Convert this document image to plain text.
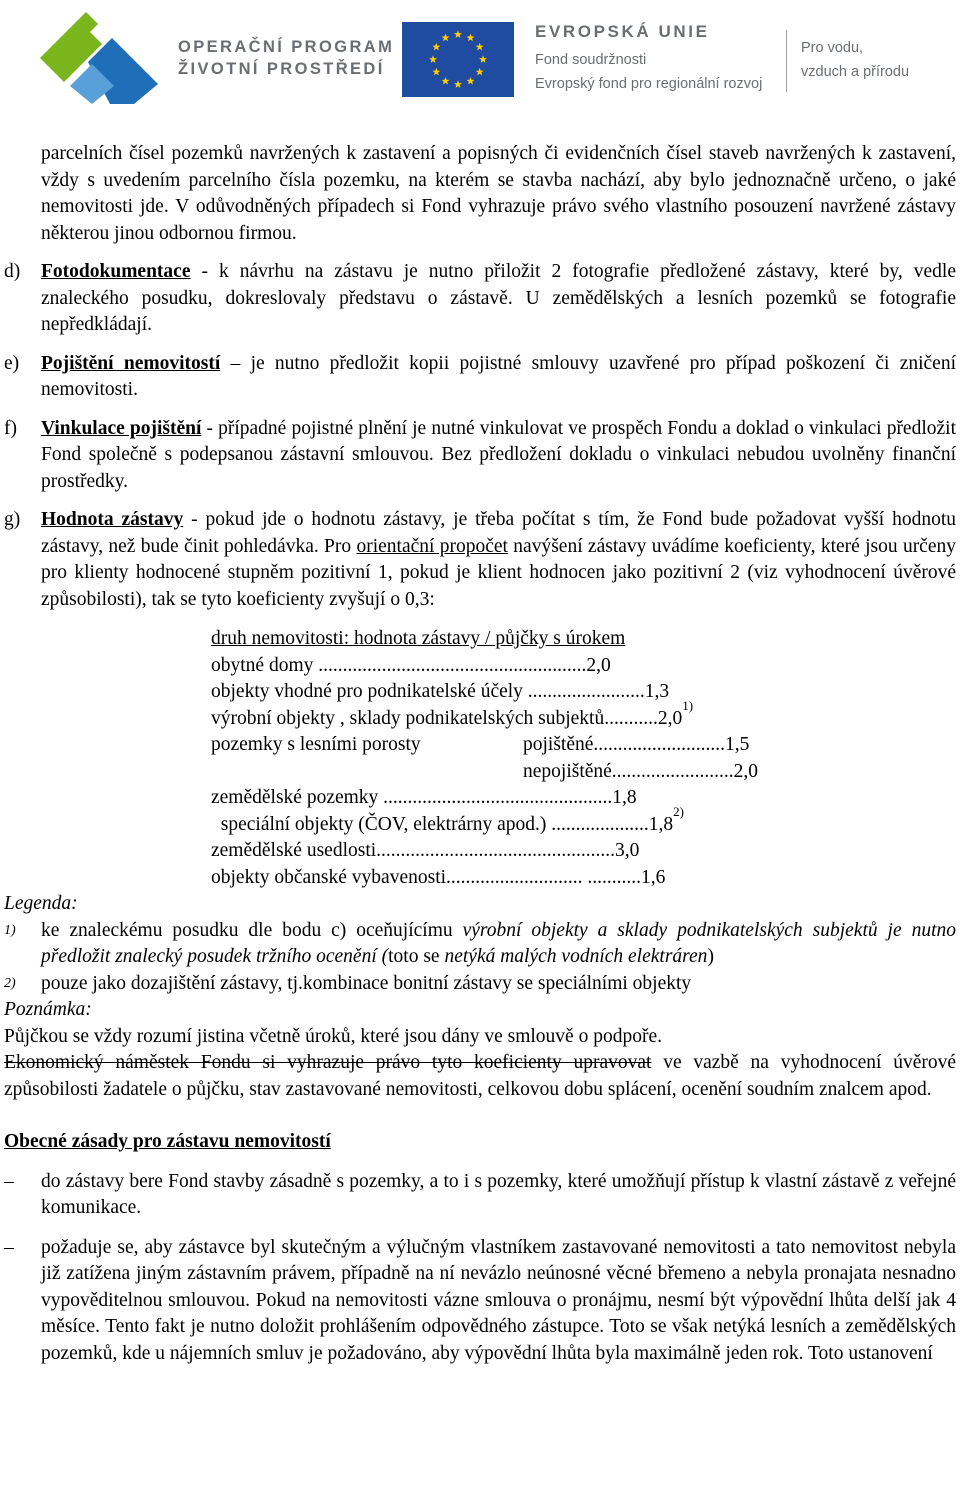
OPERAČNÍ PROGRAM
ŽIVOTNÍ PROSTŘEDÍ
EVROPSKÁ UNIE
Fond soudržnosti
Evropský fond pro regionální rozvoj
Pro vodu,
vzduch a přírodu
parcelních čísel pozemků navržených k zastavení a popisných či evidenčních čísel staveb navržených k zastavení, vždy s uvedením parcelního čísla pozemku, na kterém se stavba nachází, aby bylo jednoznačně určeno, o jaké nemovitosti jde. V odůvodněných případech si Fond vyhrazuje právo svého vlastního posouzení navržené zástavy některou jinou odbornou firmou.
d)	Fotodokumentace - k návrhu na zástavu je nutno přiložit 2 fotografie předložené zástavy, které by, vedle znaleckého posudku, dokreslovaly představu o zástavě. U zemědělských a lesních pozemků se fotografie nepředkládají.
e)	Pojištění nemovitostí – je nutno předložit kopii pojistné smlouvy uzavřené pro případ poškození či zničení nemovitosti.
f)	Vinkulace pojištění - případné pojistné plnění je nutné vinkulovat ve prospěch Fondu a doklad o vinkulaci předložit Fond společně s podepsanou zástavní smlouvou. Bez předložení dokladu o vinkulaci nebudou uvolněny finanční prostředky.
g)	Hodnota zástavy - pokud jde o hodnotu zástavy, je třeba počítat s tím, že Fond bude požadovat vyšší hodnotu zástavy, než bude činit pohledávka. Pro orientační propočet navýšení zástavy uvádíme koeficienty, které jsou určeny pro klienty hodnocené stupněm pozitivní 1, pokud je klient hodnocen jako pozitivní 2 (viz vyhodnocení úvěrové způsobilosti), tak se tyto koeficienty zvyšují o 0,3:
druh nemovitosti: hodnota zástavy / půjčky s úrokem
obytné domy .......................................................2,0
objekty vhodné pro podnikatelské účely ........................1,3
výrobní objekty , sklady podnikatelských subjektů...........2,0
1)
pozemky s lesními porosty	pojištěné...........................1,5
nepojištěné.........................2,0
zemědělské pozemky ...............................................1,8
speciální objekty (ČOV, elektrárny apod.) ....................1,8
2)
zemědělské usedlosti.................................................3,0
objekty občanské vybavenosti............................ ...........1,6
Legenda:
1)	ke znaleckému posudku dle bodu c) oceňujícímu výrobní objekty a sklady podnikatelských subjektů je nutno předložit znalecký posudek tržního ocenění (toto se netýká malých vodních elektráren)
2)	pouze jako dozajištění zástavy, tj.kombinace bonitní zástavy se speciálními objekty
Poznámka:
Půjčkou se vždy rozumí jistina včetně úroků, které jsou dány ve smlouvě o podpoře.
Ekonomický náměstek Fondu si vyhrazuje právo tyto koeficienty upravovat ve vazbě na vyhodnocení úvěrové způsobilosti žadatele o půjčku, stav zastavované nemovitosti, celkovou dobu splácení, ocenění soudním znalcem apod.
Obecné zásady pro zástavu nemovitostí
–	do zástavy bere Fond stavby zásadně s pozemky, a to i s pozemky, které umožňují přístup k vlastní zástavě z veřejné komunikace.
–	požaduje se, aby zástavce byl skutečným a výlučným vlastníkem zastavované nemovitosti a tato nemovitost nebyla již zatížena jiným zástavním právem, případně na ní nevázlo neúnosné věcné břemeno a nebyla pronajata nesnadno vypověditelnou smlouvou. Pokud na nemovitosti vázne smlouva o pronájmu, nesmí být výpovědní lhůta delší jak 4 měsíce. Tento fakt je nutno doložit prohlášením odpovědného zástupce. Toto se však netýká lesních a zemědělských pozemků, kde u nájemních smluv je požadováno, aby výpovědní lhůta byla maximálně jeden rok. Toto ustanovení
